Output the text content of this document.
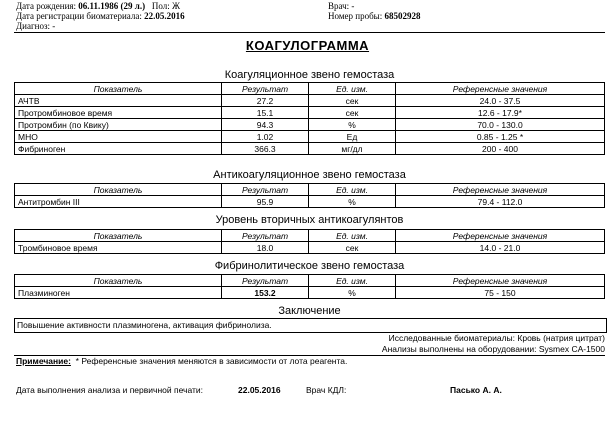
Дата рождения: 06.11.1986 (29 л.) Пол: Ж
Дата регистрации биоматериала: 22.05.2016
Диагноз: -
Врач: -
Номер пробы: 68502928
КОАГУЛОГРАММА
Коагуляционное звено гемостаза
Показатель	Результат	Ед. изм.	Референсные значения
АЧТВ	27.2	сек	24.0 - 37.5
Протромбиновое время	15.1	сек	12.6 - 17.9*
Протромбин (по Квику)	94.3	%	70.0 - 130.0
МНО	1.02	Ед	0.85 - 1.25 *
Фибриноген	366.3	мг/дл	200 - 400
Антикоагуляционное звено гемостаза
Показатель	Результат	Ед. изм.	Референсные значения
Антитромбин III	95.9	%	79.4 - 112.0
Уровень вторичных антикоагулянтов
Показатель	Результат	Ед. изм.	Референсные значения
Тромбиновое время	18.0	сек	14.0 - 21.0
Фибринолитическое звено гемостаза
Показатель	Результат	Ед. изм.	Референсные значения
Плазминоген	153.2	%	75 - 150
Заключение
Повышение активности плазминогена, активация фибринолиза.
Исследованные биоматериалы: Кровь (натрия цитрат)
Анализы выполнены на оборудовании: Sysmex CA-1500
Примечание: * Референсные значения меняются в зависимости от лота реагента.
Дата выполнения анализа и первичной печати:	22.05.2016	Врач КДЛ:	Пасько А. А.
